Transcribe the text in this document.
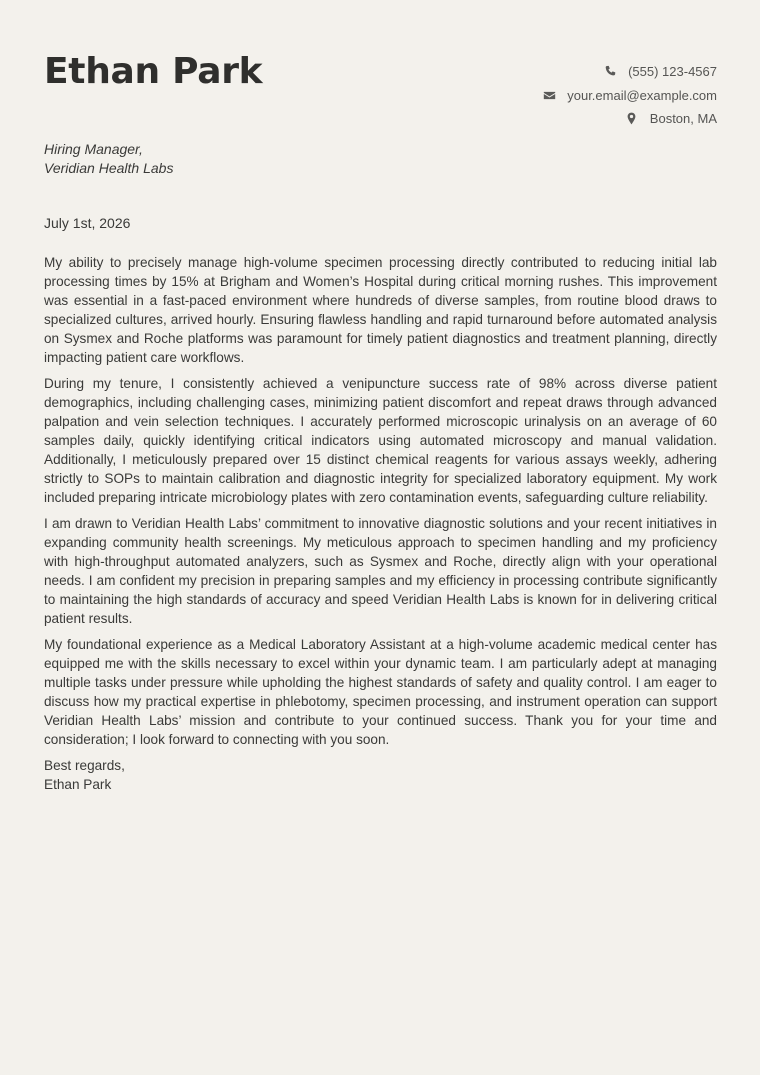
Ethan Park	(555) 123-4567
your.email@example.com
Boston, MA
Hiring Manager,
Veridian Health Labs
July 1st, 2026

My ability to precisely manage high-volume specimen processing directly contributed to reducing initial lab processing times by 15% at Brigham and Women’s Hospital during critical morning rushes. This improvement was essential in a fast-paced environment where hundreds of diverse samples, from routine blood draws to specialized cultures, arrived hourly. Ensuring flawless handling and rapid turnaround before automated analysis on Sysmex and Roche platforms was paramount for timely patient diagnostics and treatment planning, directly impacting patient care workflows.

During my tenure, I consistently achieved a venipuncture success rate of 98% across diverse patient demographics, including challenging cases, minimizing patient discomfort and repeat draws through advanced palpation and vein selection techniques. I accurately performed microscopic urinalysis on an average of 60 samples daily, quickly identifying critical indicators using automated microscopy and manual validation. Additionally, I meticulously prepared over 15 distinct chemical reagents for various assays weekly, adhering strictly to SOPs to maintain calibration and diagnostic integrity for specialized laboratory equipment. My work included preparing intricate microbiology plates with zero contamination events, safeguarding culture reliability.

I am drawn to Veridian Health Labs’ commitment to innovative diagnostic solutions and your recent initiatives in expanding community health screenings. My meticulous approach to specimen handling and my proficiency with high-throughput automated analyzers, such as Sysmex and Roche, directly align with your operational needs. I am confident my precision in preparing samples and my efficiency in processing contribute significantly to maintaining the high standards of accuracy and speed Veridian Health Labs is known for in delivering critical patient results.

My foundational experience as a Medical Laboratory Assistant at a high-volume academic medical center has equipped me with the skills necessary to excel within your dynamic team. I am particularly adept at managing multiple tasks under pressure while upholding the highest standards of safety and quality control. I am eager to discuss how my practical expertise in phlebotomy, specimen processing, and instrument operation can support Veridian Health Labs’ mission and contribute to your continued success. Thank you for your time and consideration; I look forward to connecting with you soon.

Best regards,
Ethan Park
